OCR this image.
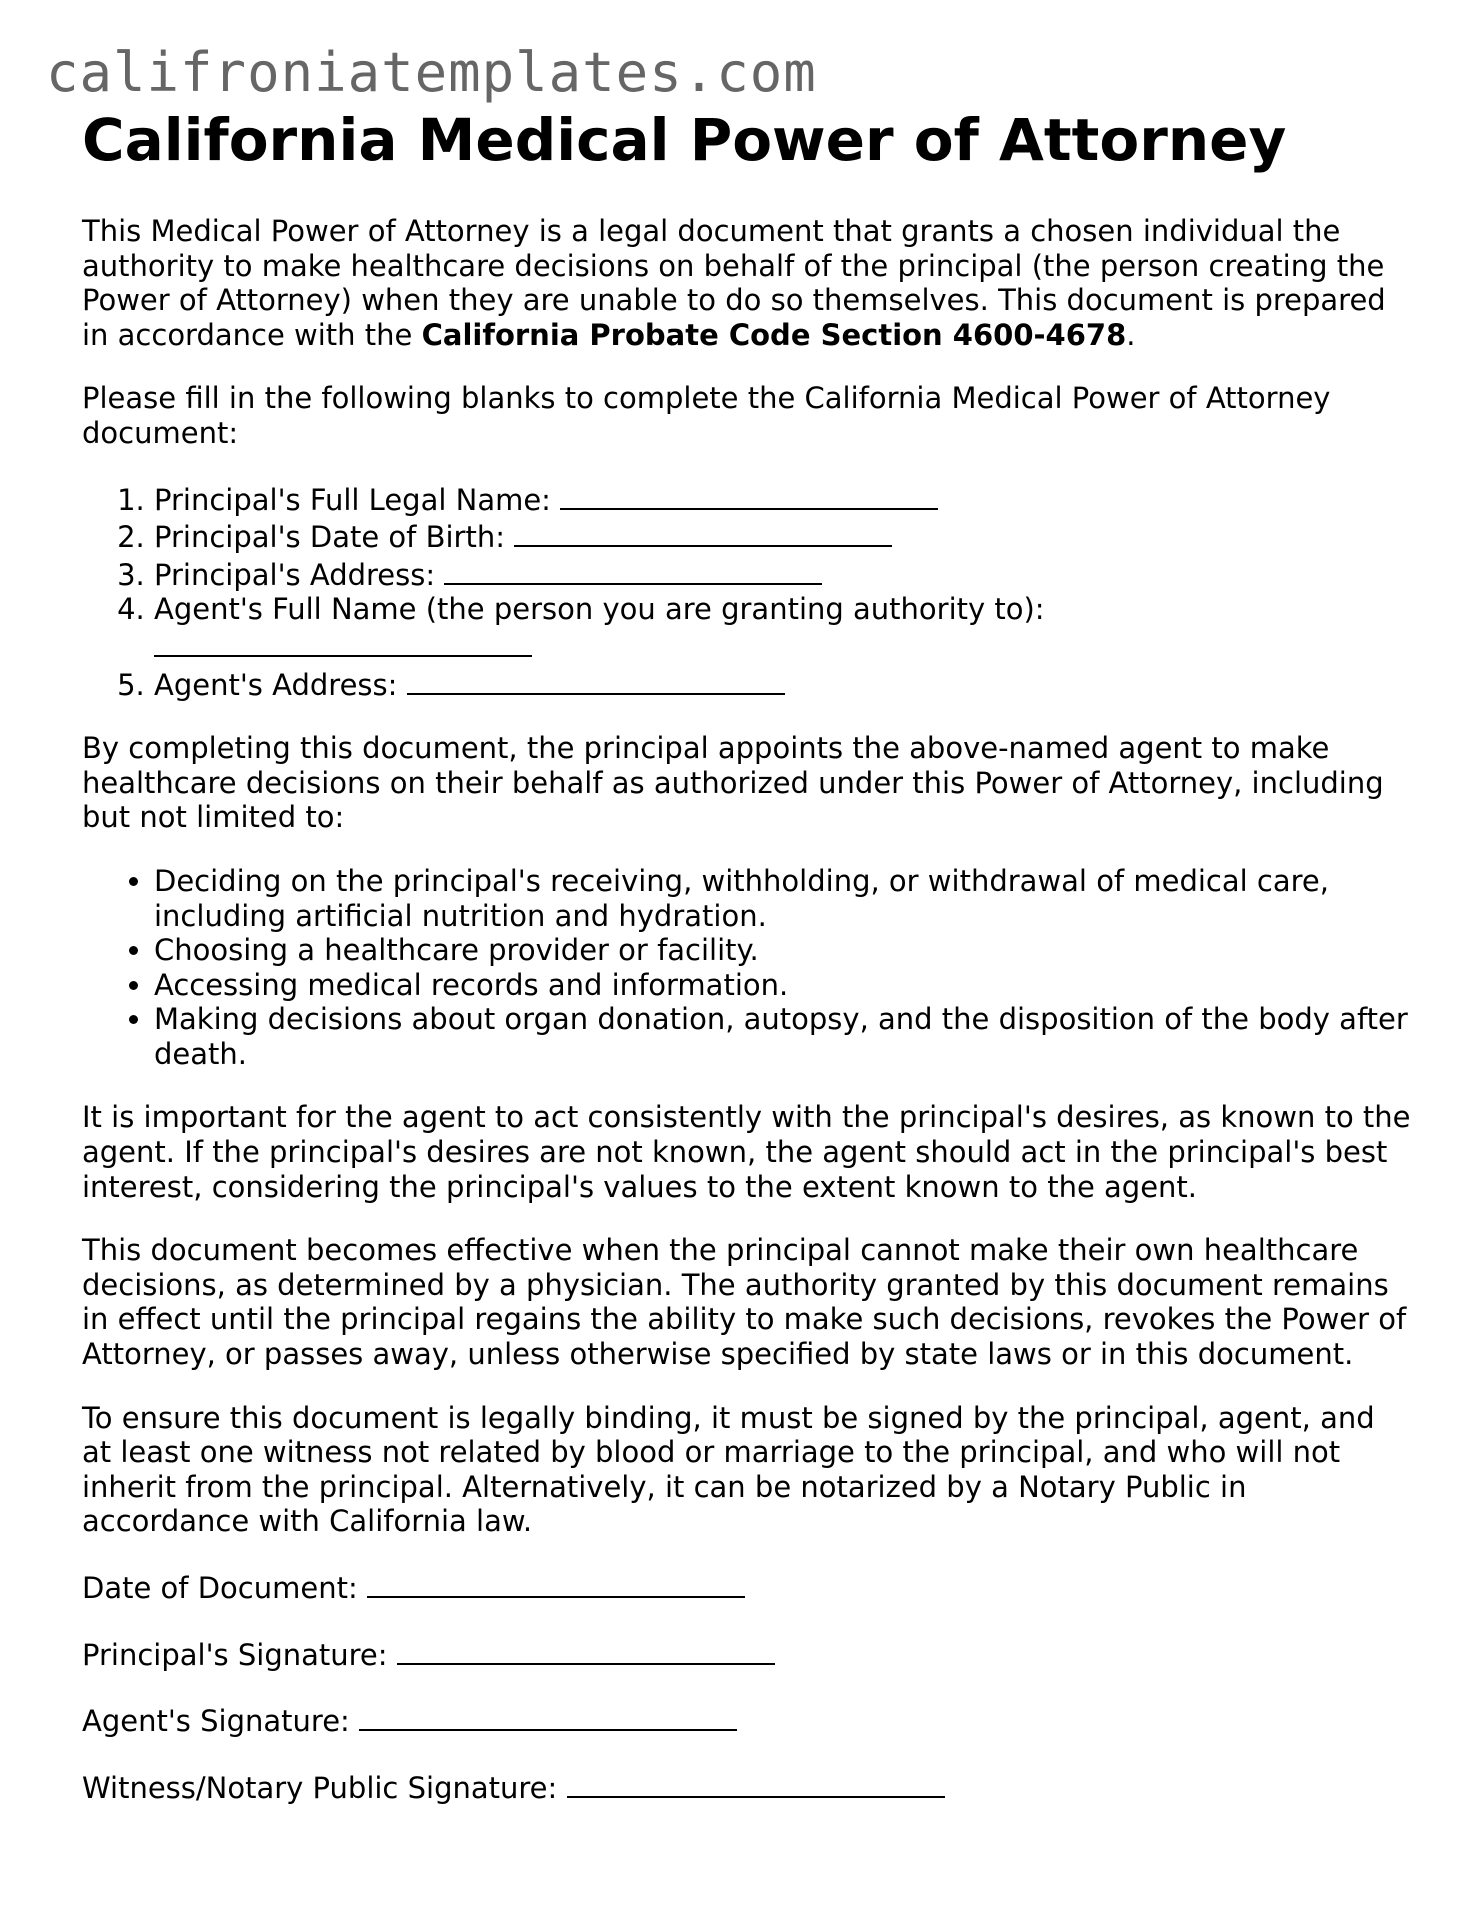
califroniatemplates.com
California Medical Power of Attorney

This Medical Power of Attorney is a legal document that grants a chosen individual the authority to make healthcare decisions on behalf of the principal (the person creating the Power of Attorney) when they are unable to do so themselves. This document is prepared in accordance with the California Probate Code Section 4600-4678.

Please fill in the following blanks to complete the California Medical Power of Attorney document:

1. Principal's Full Legal Name:
2. Principal's Date of Birth:
3. Principal's Address:
4. Agent's Full Name (the person you are granting authority to):
5. Agent's Address:

By completing this document, the principal appoints the above-named agent to make healthcare decisions on their behalf as authorized under this Power of Attorney, including but not limited to:

• Deciding on the principal's receiving, withholding, or withdrawal of medical care, including artificial nutrition and hydration.
• Choosing a healthcare provider or facility.
• Accessing medical records and information.
• Making decisions about organ donation, autopsy, and the disposition of the body after death.

It is important for the agent to act consistently with the principal's desires, as known to the agent. If the principal's desires are not known, the agent should act in the principal's best interest, considering the principal's values to the extent known to the agent.

This document becomes effective when the principal cannot make their own healthcare decisions, as determined by a physician. The authority granted by this document remains in effect until the principal regains the ability to make such decisions, revokes the Power of Attorney, or passes away, unless otherwise specified by state laws or in this document.

To ensure this document is legally binding, it must be signed by the principal, agent, and at least one witness not related by blood or marriage to the principal, and who will not inherit from the principal. Alternatively, it can be notarized by a Notary Public in accordance with California law.

Date of Document:
Principal's Signature:
Agent's Signature:
Witness/Notary Public Signature:
